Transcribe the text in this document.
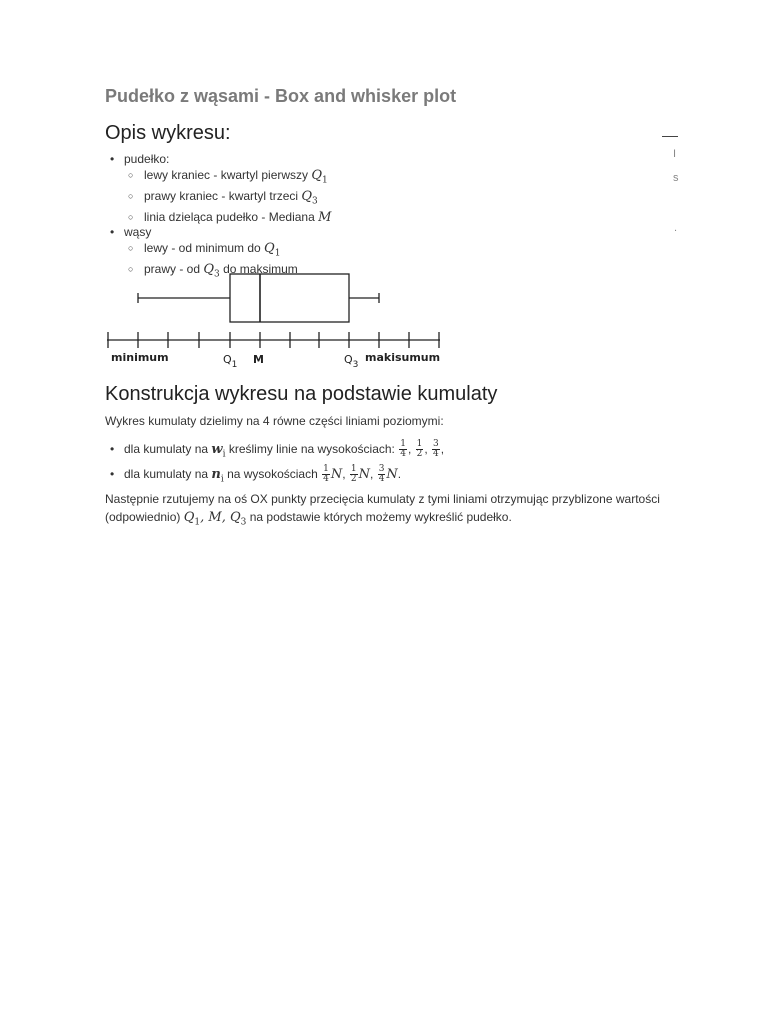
Pudełko z wąsami - Box and whisker plot
Opis wykresu:
• pudełko:
○ lewy kraniec - kwartyl pierwszy $Q_1$
○ prawy kraniec - kwartyl trzeci $Q_3$
○ linia dzieląca pudełko - Mediana M
• wąsy
○ lewy - od minimum do $Q_1$
○ prawy - od $Q_3$ do maksimum
minimum	$Q_1$ M	$Q_3$
makisumum
Konstrukcja wykresu na podstawie kumulaty
Wykres kumulaty dzielimy na 4 równe części liniami poziomymi:
• dla kumulaty na $w_i$ kreślimy linie na wysokościach: $\frac{1}{4}$ , $\frac{1}{2}$ , $\frac{3}{4}$ ,
• dla kumulaty na $n_i$ na wysokościach $\frac{1}{4} N$, $\frac{1}{2} N$, $\frac{3}{4} N$.
Następnie rzutujemy na oś OX punkty przecięcia kumulaty z tymi liniami otrzymując przyblizone wartości (odpowiednio) $Q_1$, M, $Q_3$ na podstawie których możemy wykreślić pudełko.
I
s
.
